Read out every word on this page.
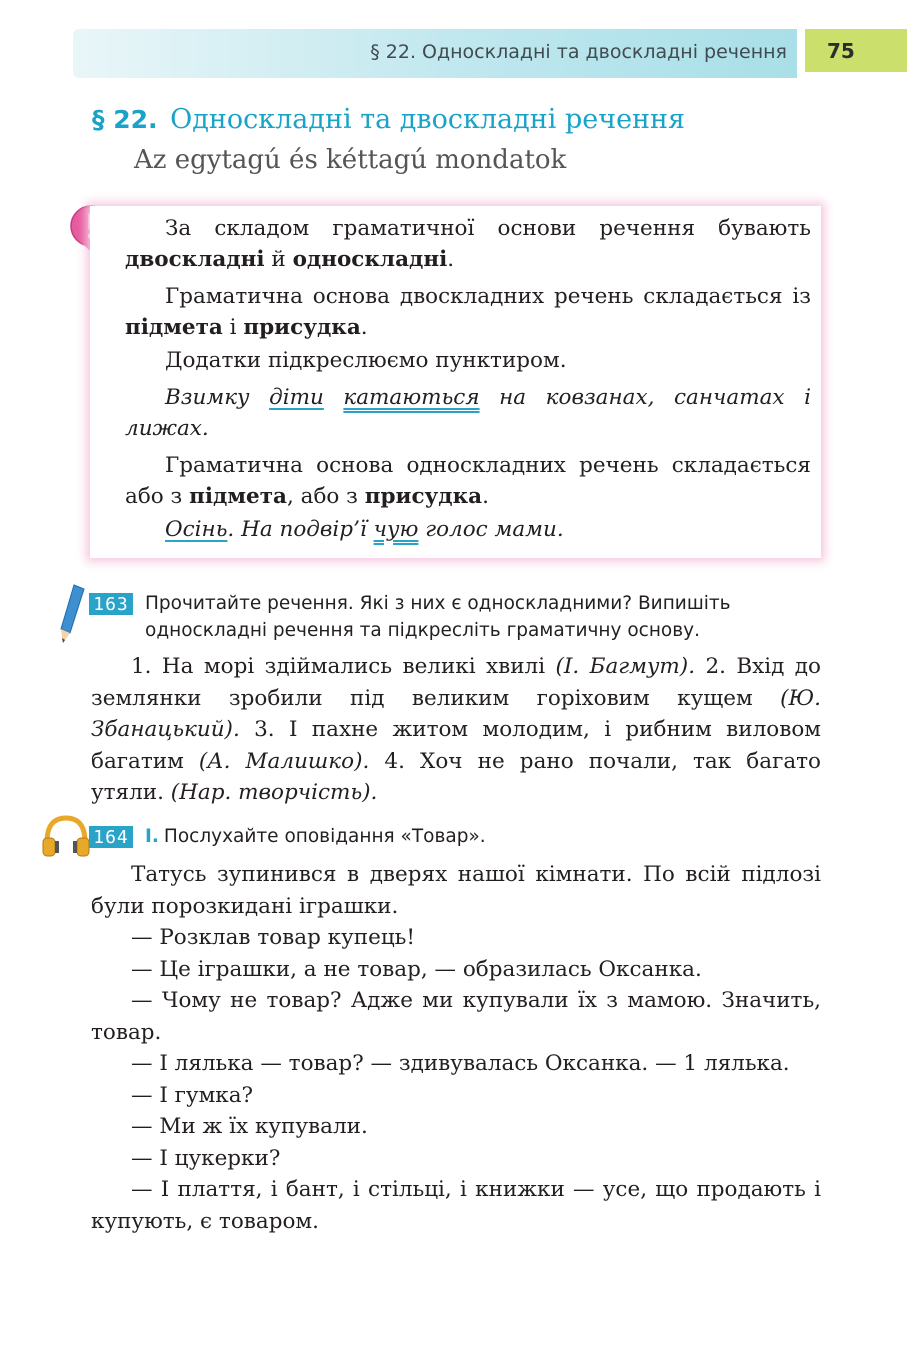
§ 22. Односкладні та двоскладні речення	75
§ 22. Односкладні та двоскладні речення
Az egytagú és kéttagú mondatok

За складом граматичної основи речення бувають двоскладні й односкладні.

Граматична основа двоскладних речень складається із підмета і присудка.

Додатки підкреслюємо пунктиром.

Взимку діти катаються на ковзанах, санчатах і лижах.

Граматична основа односкладних речень складається або з підмета, або з присудка.

Осінь. На подвір’ї чую голос мами.

163 Прочитайте речення. Які з них є односкладними? Випишіть односкладні речення та підкресліть граматичну основу.

1. На морі здіймались великі хвилі (І. Багмут). 2. Вхід до землянки зробили під великим горіховим кущем (Ю. Збанацький). 3. І пахне житом молодим, і рибним виловом багатим (А. Малишко). 4. Хоч не рано почали, так багато утяли. (Нар. творчість).

164 I. Послухайте оповідання «Товар».

Татусь зупинився в дверях нашої кімнати. По всій підлозі були порозкидані іграшки.

— Розклав товар купець!

— Це іграшки, а не товар, — образилась Оксанка.

— Чому не товар? Адже ми купували їх з мамою. Значить, товар.

— І лялька — товар? — здивувалась Оксанка. — 1 лялька.

— І гумка?

— Ми ж їх купували.

— І цукерки?

— І плаття, і бант, і стільці, і книжки — усе, що продають і купують, є товаром.
